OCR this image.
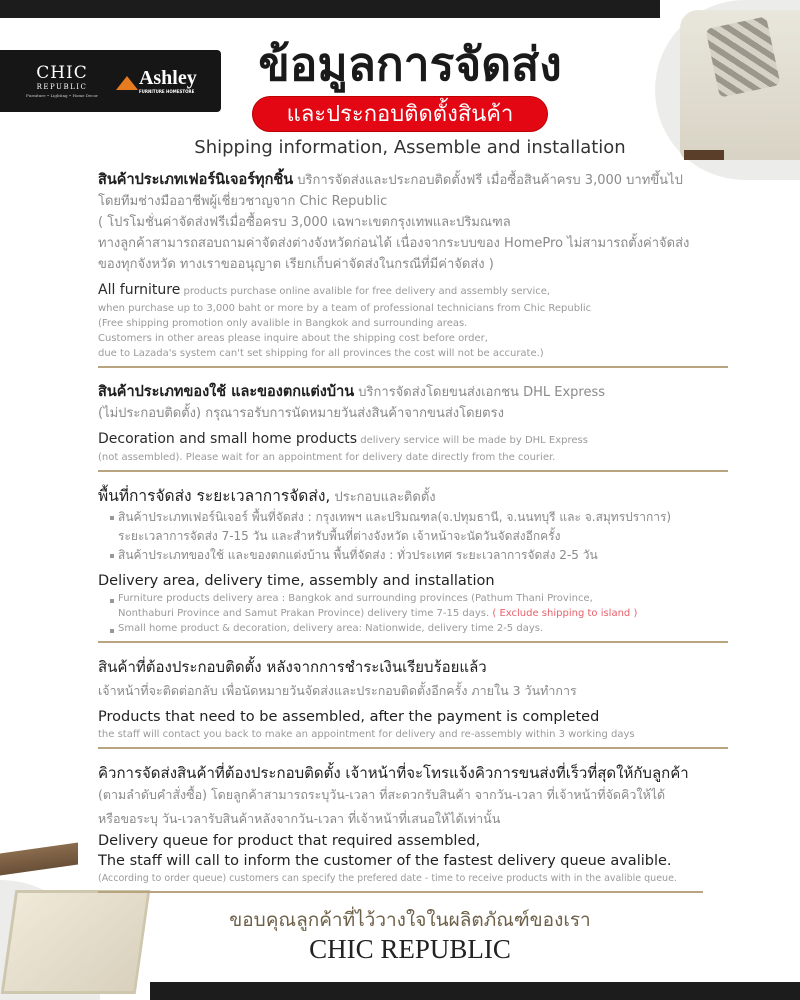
CHIC
REPUBLIC
Furniture • Lighting • Home Decor
Ashley
FURNITURE HOMESTORE
ข้อมูลการจัดส่ง
และประกอบติดตั้งสินค้า
Shipping information, Assemble and installation
สินค้าประเภทเฟอร์นิเจอร์ทุกชิ้น บริการจัดส่งและประกอบติดตั้งฟรี เมื่อซื้อสินค้าครบ 3,000 บาทขึ้นไป
โดยทีมช่างมืออาชีพผู้เชี่ยวชาญจาก Chic Republic
( โปรโมชั่นค่าจัดส่งฟรีเมื่อซื้อครบ 3,000 เฉพาะเขตกรุงเทพและปริมณฑล
ทางลูกค้าสามารถสอบถามค่าจัดส่งต่างจังหวัดก่อนได้ เนื่องจากระบบของ HomePro ไม่สามารถตั้งค่าจัดส่ง
ของทุกจังหวัด ทางเราขออนุญาต เรียกเก็บค่าจัดส่งในกรณีที่มีค่าจัดส่ง )
All furniture products purchase online avalible for free delivery and assembly service,
when purchase up to 3,000 baht or more by a team of professional technicians from Chic Republic
(Free shipping promotion only avalible in Bangkok and surrounding areas.
Customers in other areas please inquire about the shipping cost before order,
due to Lazada's system can't set shipping for all provinces the cost will not be accurate.)
สินค้าประเภทของใช้ และของตกแต่งบ้าน บริการจัดส่งโดยขนส่งเอกชน DHL Express
(ไม่ประกอบติดตั้ง) กรุณารอรับการนัดหมายวันส่งสินค้าจากขนส่งโดยตรง
Decoration and small home products delivery service will be made by DHL Express
(not assembled). Please wait for an appointment for delivery date directly from the courier.
พื้นที่การจัดส่ง ระยะเวลาการจัดส่ง, ประกอบและติดตั้ง
สินค้าประเภทเฟอร์นิเจอร์ พื้นที่จัดส่ง : กรุงเทพฯ และปริมณฑล(จ.ปทุมธานี, จ.นนทบุรี และ จ.สมุทรปราการ)
ระยะเวลาการจัดส่ง 7-15 วัน และสำหรับพื้นที่ต่างจังหวัด เจ้าหน้าจะนัดวันจัดส่งอีกครั้ง
สินค้าประเภทของใช้ และของตกแต่งบ้าน พื้นที่จัดส่ง : ทั่วประเทศ ระยะเวลาการจัดส่ง 2-5 วัน
Delivery area, delivery time, assembly and installation
Furniture products delivery area : Bangkok and surrounding provinces (Pathum Thani Province,
Nonthaburi Province and Samut Prakan Province) delivery time 7-15 days. ( Exclude shipping to island )
Small home product & decoration, delivery area: Nationwide, delivery time 2-5 days.
สินค้าที่ต้องประกอบติดตั้ง หลังจากการชำระเงินเรียบร้อยแล้ว
เจ้าหน้าที่จะติดต่อกลับ เพื่อนัดหมายวันจัดส่งและประกอบติดตั้งอีกครั้ง ภายใน 3 วันทำการ
Products that need to be assembled, after the payment is completed
the staff will contact you back to make an appointment for delivery and re-assembly within 3 working days
คิวการจัดส่งสินค้าที่ต้องประกอบติดตั้ง เจ้าหน้าที่จะโทรแจ้งคิวการขนส่งที่เร็วที่สุดให้กับลูกค้า
(ตามลำดับคำสั่งซื้อ) โดยลูกค้าสามารถระบุวัน-เวลา ที่สะดวกรับสินค้า จากวัน-เวลา ที่เจ้าหน้าที่จัดคิวให้ได้
หรือขอระบุ วัน-เวลารับสินค้าหลังจากวัน-เวลา ที่เจ้าหน้าที่เสนอให้ได้เท่านั้น
Delivery queue for product that required assembled,
The staff will call to inform the customer of the fastest delivery queue avalible.
(According to order queue) customers can specify the prefered date - time to receive products with in the avalible queue.
ขอบคุณลูกค้าที่ไว้วางใจในผลิตภัณฑ์ของเรา
CHIC REPUBLIC
